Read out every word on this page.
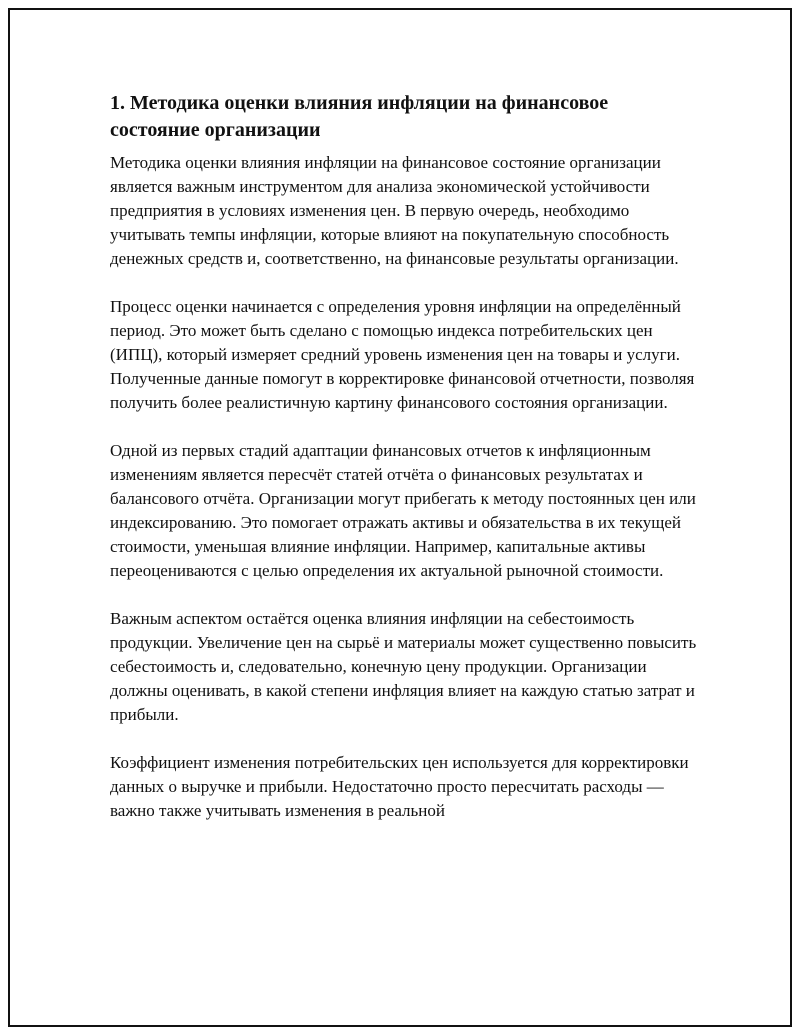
1. Методика оценки влияния инфляции на финансовое состояние организации

Методика оценки влияния инфляции на финансовое состояние организации является важным инструментом для анализа экономической устойчивости предприятия в условиях изменения цен. В первую очередь, необходимо учитывать темпы инфляции, которые влияют на покупательную способность денежных средств и, соответственно, на финансовые результаты организации.

Процесс оценки начинается с определения уровня инфляции на определённый период. Это может быть сделано с помощью индекса потребительских цен (ИПЦ), который измеряет средний уровень изменения цен на товары и услуги. Полученные данные помогут в корректировке финансовой отчетности, позволяя получить более реалистичную картину финансового состояния организации.

Одной из первых стадий адаптации финансовых отчетов к инфляционным изменениям является пересчёт статей отчёта о финансовых результатах и балансового отчёта. Организации могут прибегать к методу постоянных цен или индексированию. Это помогает отражать активы и обязательства в их текущей стоимости, уменьшая влияние инфляции. Например, капитальные активы переоцениваются с целью определения их актуальной рыночной стоимости.

Важным аспектом остаётся оценка влияния инфляции на себестоимость продукции. Увеличение цен на сырьё и материалы может существенно повысить себестоимость и, следовательно, конечную цену продукции. Организации должны оценивать, в какой степени инфляция влияет на каждую статью затрат и прибыли.

Коэффициент изменения потребительских цен используется для корректировки данных о выручке и прибыли. Недостаточно просто пересчитать расходы — важно также учитывать изменения в реальной
